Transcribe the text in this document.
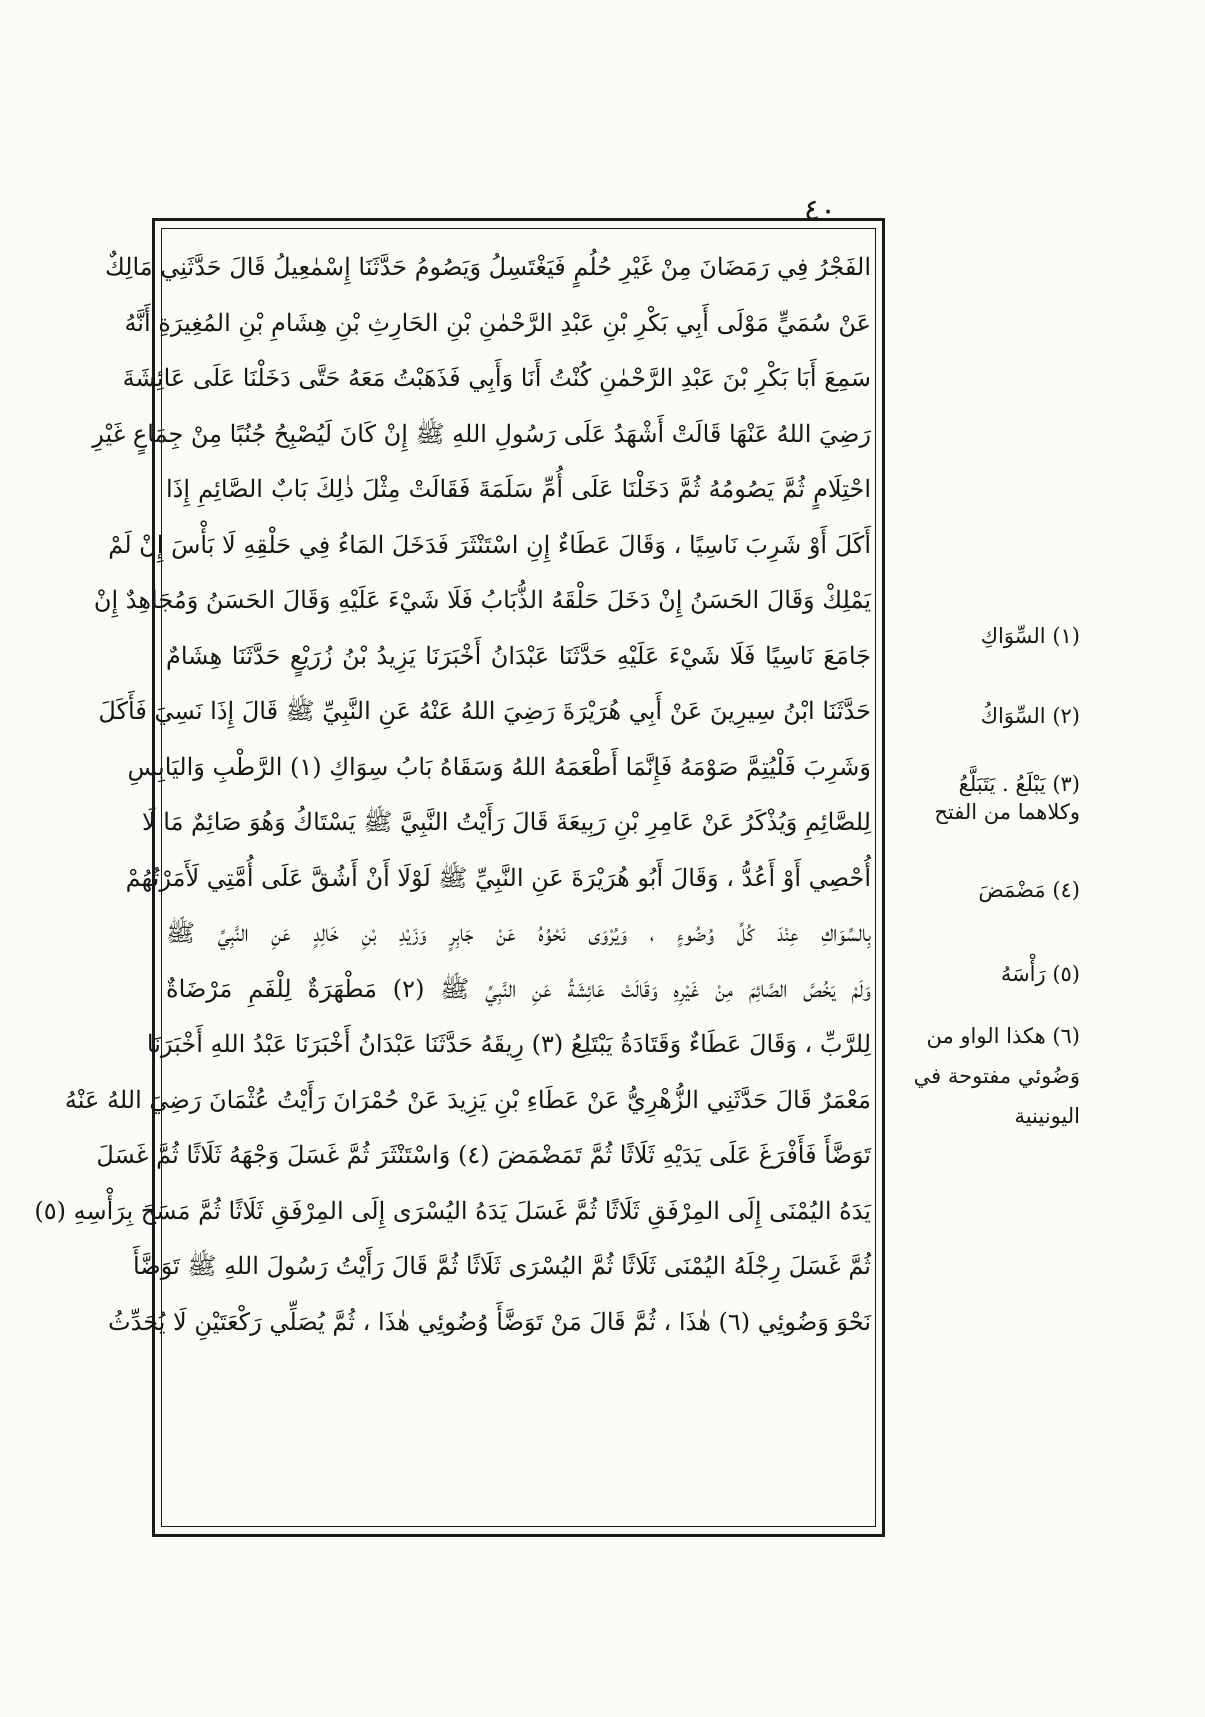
٤٠
الفَجْرُ فِي رَمَضَانَ مِنْ غَيْرِ حُلُمٍ فَيَغْتَسِلُ وَيَصُومُ حَدَّثَنَا إِسْمٰعِيلُ قَالَ حَدَّثَنِي مَالِكٌ
عَنْ سُمَيٍّ مَوْلَى أَبِي بَكْرِ بْنِ عَبْدِ الرَّحْمٰنِ بْنِ الحَارِثِ بْنِ هِشَامِ بْنِ المُغِيرَةِ أَنَّهُ
سَمِعَ أَبَا بَكْرِ بْنَ عَبْدِ الرَّحْمٰنِ كُنْتُ أَنَا وَأَبِي فَذَهَبْتُ مَعَهُ حَتَّى دَخَلْنَا عَلَى عَائِشَةَ
رَضِيَ اللهُ عَنْهَا قَالَتْ أَشْهَدُ عَلَى رَسُولِ اللهِ ﷺ إِنْ كَانَ لَيُصْبِحُ جُنُبًا مِنْ جِمَاعٍ غَيْرِ
احْتِلَامٍ ثُمَّ يَصُومُهُ ثُمَّ دَخَلْنَا عَلَى أُمِّ سَلَمَةَ فَقَالَتْ مِثْلَ ذٰلِكَ بَابٌ الصَّائِمِ إِذَا
أَكَلَ أَوْ شَرِبَ نَاسِيًا ، وَقَالَ عَطَاءٌ إِنِ اسْتَنْثَرَ فَدَخَلَ المَاءُ فِي حَلْقِهِ لَا بَأْسَ إِنْ لَمْ
يَمْلِكْ وَقَالَ الحَسَنُ إِنْ دَخَلَ حَلْقَهُ الذُّبَابُ فَلَا شَيْءَ عَلَيْهِ وَقَالَ الحَسَنُ وَمُجَاهِدٌ إِنْ
جَامَعَ نَاسِيًا فَلَا شَيْءَ عَلَيْهِ حَدَّثَنَا عَبْدَانُ أَخْبَرَنَا يَزِيدُ بْنُ زُرَيْعٍ حَدَّثَنَا هِشَامٌ
حَدَّثَنَا ابْنُ سِيرِينَ عَنْ أَبِي هُرَيْرَةَ رَضِيَ اللهُ عَنْهُ عَنِ النَّبِيِّ ﷺ قَالَ إِذَا نَسِيَ فَأَكَلَ
وَشَرِبَ فَلْيُتِمَّ صَوْمَهُ فَإِنَّمَا أَطْعَمَهُ اللهُ وَسَقَاهُ بَابُ سِوَاكِ (١) الرَّطْبِ وَاليَابِسِ
لِلصَّائِمِ وَيُذْكَرُ عَنْ عَامِرِ بْنِ رَبِيعَةَ قَالَ رَأَيْتُ النَّبِيَّ ﷺ يَسْتَاكُ وَهُوَ صَائِمٌ مَا لَا
أُحْصِي أَوْ أَعُدُّ ، وَقَالَ أَبُو هُرَيْرَةَ عَنِ النَّبِيِّ ﷺ لَوْلَا أَنْ أَشُقَّ عَلَى أُمَّتِي لَأَمَرْتُهُمْ
بِالسِّوَاكِ عِنْدَ كُلِّ وُضُوءٍ ، وَيُرْوَى نَحْوُهُ عَنْ جَابِرٍ وَزَيْدِ بْنِ خَالِدٍ عَنِ النَّبِيِّ ﷺ
وَلَمْ يَخُصَّ الصَّائِمَ مِنْ غَيْرِهِ وَقَالَتْ عَائِشَةُ عَنِ النَّبِيِّ ﷺ (٢) مَطْهَرَةٌ لِلْفَمِ مَرْضَاةٌ
لِلرَّبِّ ، وَقَالَ عَطَاءٌ وَقَتَادَةُ يَبْتَلِعُ (٣) رِيقَهُ حَدَّثَنَا عَبْدَانُ أَخْبَرَنَا عَبْدُ اللهِ أَخْبَرَنَا
مَعْمَرٌ قَالَ حَدَّثَنِي الزُّهْرِيُّ عَنْ عَطَاءِ بْنِ يَزِيدَ عَنْ حُمْرَانَ رَأَيْتُ عُثْمَانَ رَضِيَ اللهُ عَنْهُ
تَوَضَّأَ فَأَفْرَغَ عَلَى يَدَيْهِ ثَلَاثًا ثُمَّ تَمَضْمَضَ (٤) وَاسْتَنْثَرَ ثُمَّ غَسَلَ وَجْهَهُ ثَلَاثًا ثُمَّ غَسَلَ
يَدَهُ اليُمْنَى إِلَى المِرْفَقِ ثَلَاثًا ثُمَّ غَسَلَ يَدَهُ اليُسْرَى إِلَى المِرْفَقِ ثَلَاثًا ثُمَّ مَسَحَ بِرَأْسِهِ (٥)
ثُمَّ غَسَلَ رِجْلَهُ اليُمْنَى ثَلَاثًا ثُمَّ اليُسْرَى ثَلَاثًا ثُمَّ قَالَ رَأَيْتُ رَسُولَ اللهِ ﷺ تَوَضَّأَ
نَحْوَ وَضُوئِي (٦) هٰذَا ، ثُمَّ قَالَ مَنْ تَوَضَّأَ وُضُوئِي هٰذَا ، ثُمَّ يُصَلِّي رَكْعَتَيْنِ لَا يُحَدِّثُ
(١) السِّوَاكِ
(٢) السِّوَاكُ
(٣) يَبْلَعُ . يَتَبَلَّعُ وكلاهما من الفتح
(٤) مَضْمَضَ
(٥) رَأْسَهُ
(٦) هكذا الواو من وَضُوئي مفتوحة في اليونينية
